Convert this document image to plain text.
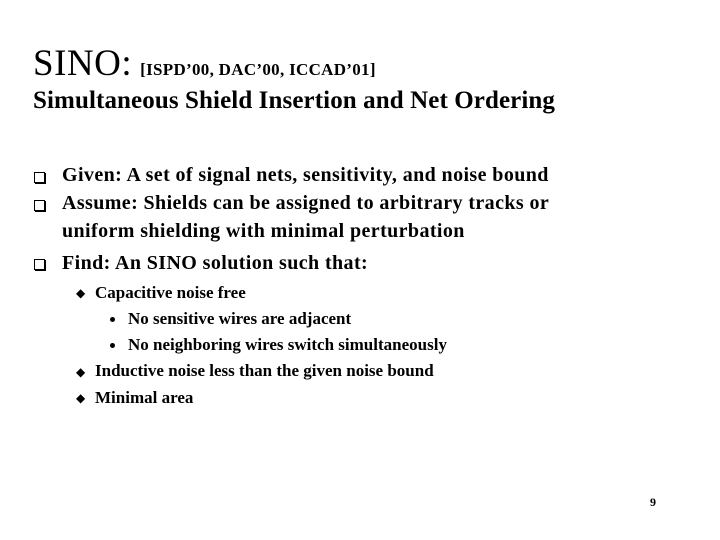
SINO: [ISPD’00, DAC’00, ICCAD’01]
Simultaneous Shield Insertion and Net Ordering
Given: A set of signal nets, sensitivity, and noise bound
Assume: Shields can be assigned to arbitrary tracks or
uniform shielding with minimal perturbation
Find: An SINO solution such that:
◆ Capacitive noise free
No sensitive wires are adjacent
No neighboring wires switch simultaneously
◆ Inductive noise less than the given noise bound
◆ Minimal area
9
